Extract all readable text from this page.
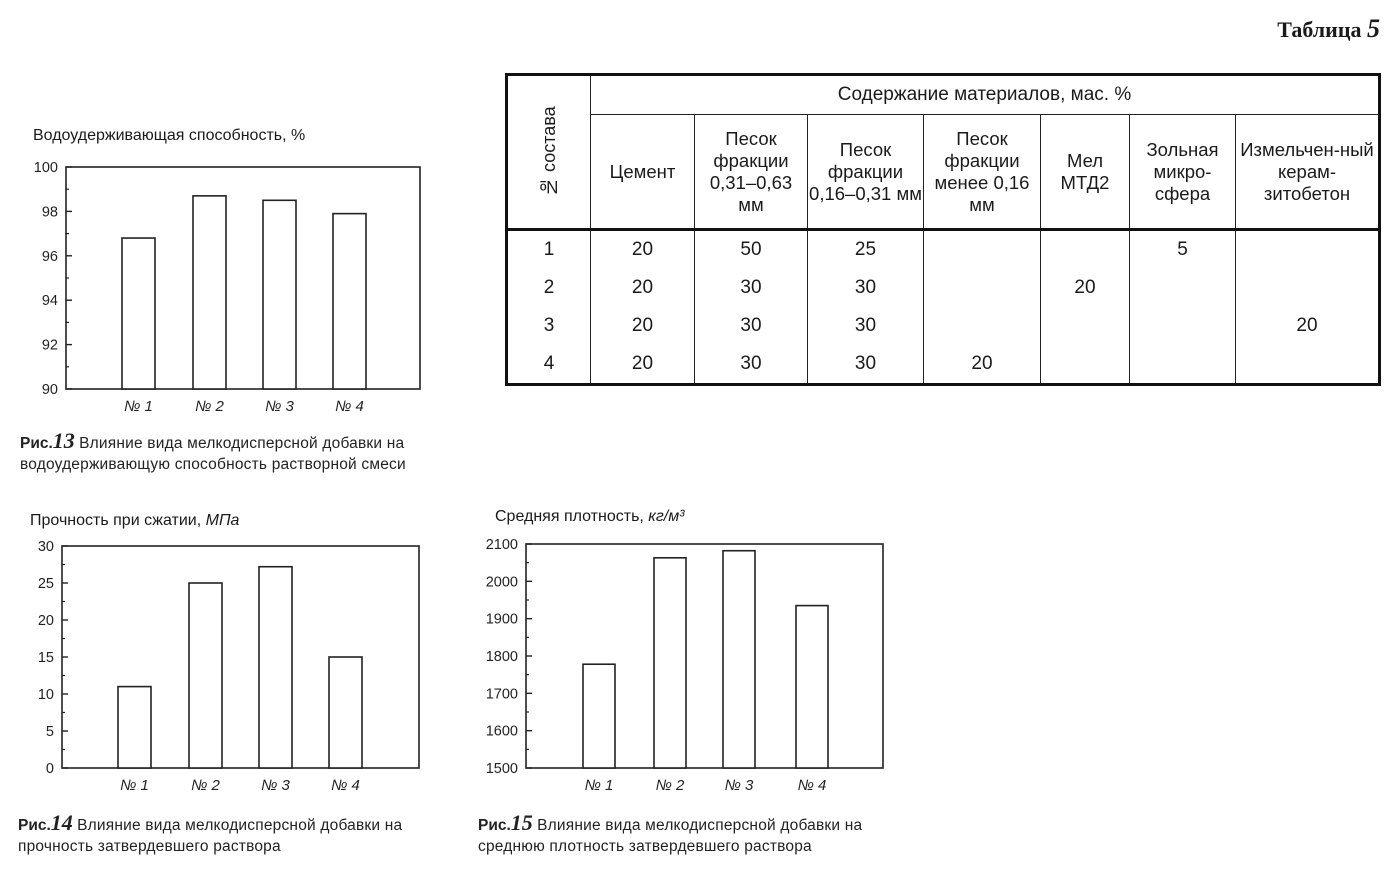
Таблица 5
Водоудерживающая способность, %
90
92
94
96
98
100
№ 1	№ 2	№ 3	№ 4
Рис.13 Влияние вида мелкодисперсной добавки на водоудерживающую способность растворной смеси
Прочность при сжатии, МПа
0
5
10
15
20
25
30
№ 1	№ 2	№ 3	№ 4
Рис.14 Влияние вида мелкодисперсной добавки на прочность затвердевшего раствора
Средняя плотность, кг/м³
1500
1600
1700
1800
1900
2000
2100
№ 1	№ 2	№ 3	№ 4
Рис.15 Влияние вида мелкодисперсной добавки на среднюю плотность затвердевшего раствора
№ состава	Содержание материалов, мас. %						
	Цемент	Песок фракции 0,31–0,63 мм	Песок фракции 0,16–0,31 мм	Песок фракции менее 0,16 мм	Мел МТД2	Зольная микро-сфера	Измельчен-ный керам-зитобетон
1	20	50	25			5	
2	20	30	30		20		
3	20	30	30				20
4	20	30	30	20			
